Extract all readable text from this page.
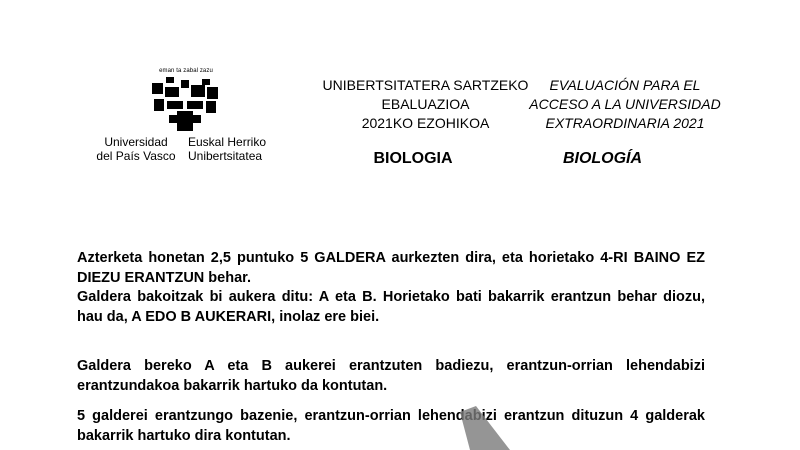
eman ta zabal zazu
Universidad
del País Vasco
Euskal Herriko
Unibertsitatea
UNIBERTSITATERA SARTZEKO
EBALUAZIOA
2021KO EZOHIKOA
EVALUACIÓN PARA EL
ACCESO A LA UNIVERSIDAD
EXTRAORDINARIA 2021
BIOLOGIA	BIOLOGÍA
Azterketa honetan 2,5 puntuko 5 GALDERA aurkezten dira, eta horietako 4-RI BAINO EZ DIEZU ERANTZUN behar.
Galdera bakoitzak bi aukera ditu: A eta B. Horietako bati bakarrik erantzun behar diozu, hau da, A EDO B AUKERARI, inolaz ere biei.
Galdera bereko A eta B aukerei erantzuten badiezu, erantzun-orrian lehendabizi erantzundakoa bakarrik hartuko da kontutan.
5 galderei erantzungo bazenie, erantzun-orrian lehendabizi erantzun dituzun 4 galderak bakarrik hartuko dira kontutan.
